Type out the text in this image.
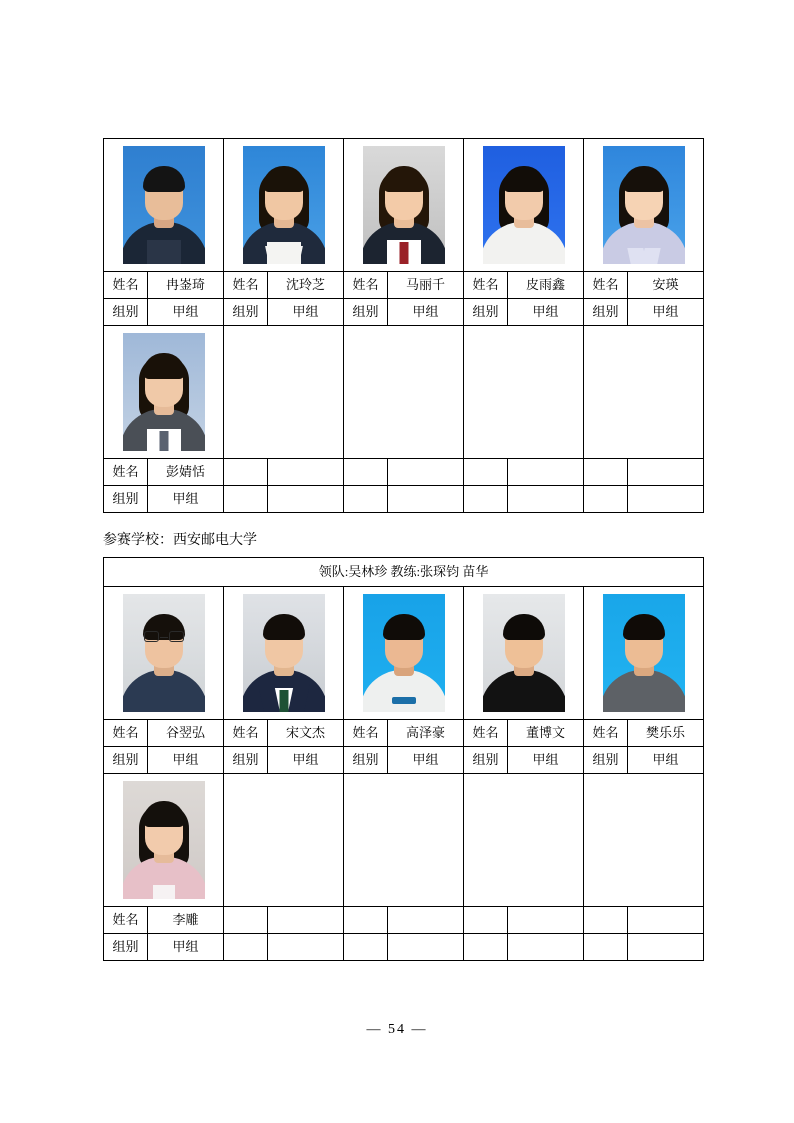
姓名	冉崟琦	姓名	沈玲芝	姓名	马丽千	姓名	皮雨鑫	姓名	安瑛
组别	甲组	组别	甲组	组别	甲组	组别	甲组	组别	甲组

姓名	彭婧恬								
组别	甲组								
参赛学校：西安邮电大学
领队:吴林珍 教练:张琛钧 苗华									

姓名	谷翌弘	姓名	宋文杰	姓名	高泽豪	姓名	董博文	姓名	樊乐乐
组别	甲组	组别	甲组	组别	甲组	组别	甲组	组别	甲组

姓名	李雕								
组别	甲组								
— 54 —
